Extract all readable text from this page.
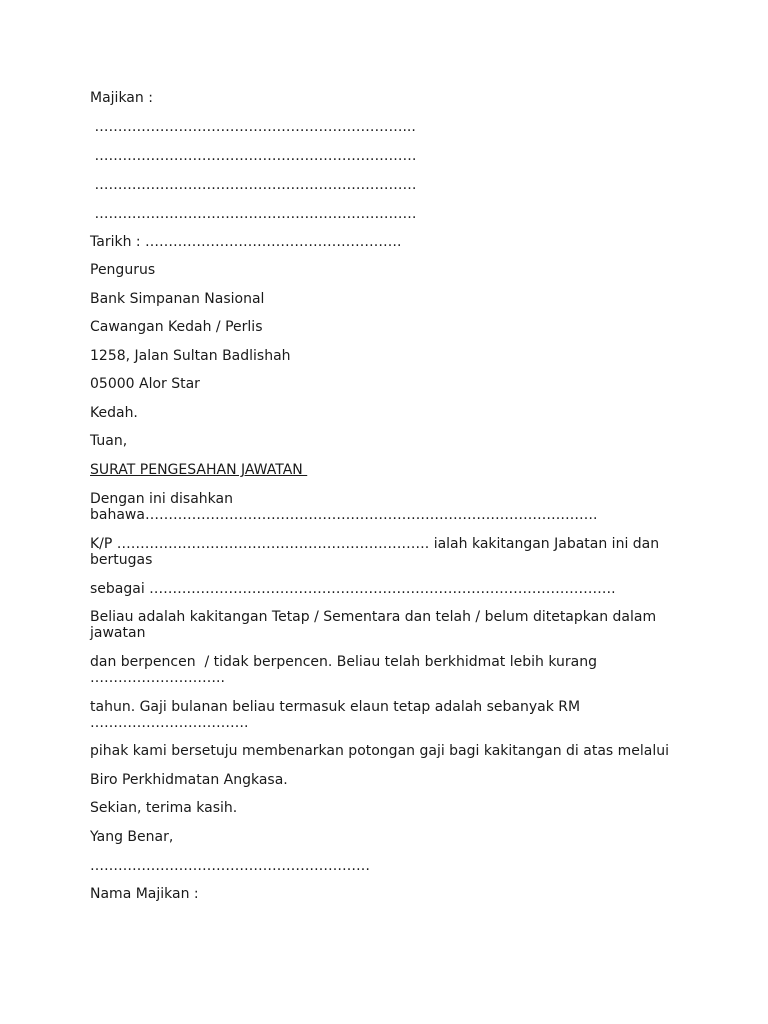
Majikan :
…………………………………………………………...
……………………………………………………………
……………………………………………………………
……………………………………………………………
Tarikh : ……………………………………………….
Pengurus
Bank Simpanan Nasional
Cawangan Kedah / Perlis
1258, Jalan Sultan Badlishah
05000 Alor Star
Kedah.
Tuan,
SURAT PENGESAHAN JAWATAN
Dengan ini disahkan bahawa…………………………………………………………………………………….
K/P …………………………………………………………. ialah kakitangan Jabatan ini dan bertugas
sebagai ……………………………………………………………………………………….
Beliau adalah kakitangan Tetap / Sementara dan telah / belum ditetapkan dalam jawatan
dan berpencen  / tidak berpencen. Beliau telah berkhidmat lebih kurang ………………………..
tahun. Gaji bulanan beliau termasuk elaun tetap adalah sebanyak RM …………………………….
pihak kami bersetuju membenarkan potongan gaji bagi kakitangan di atas melalui
Biro Perkhidmatan Angkasa.
Sekian, terima kasih.
Yang Benar,
……………………………………………………
Nama Majikan :
